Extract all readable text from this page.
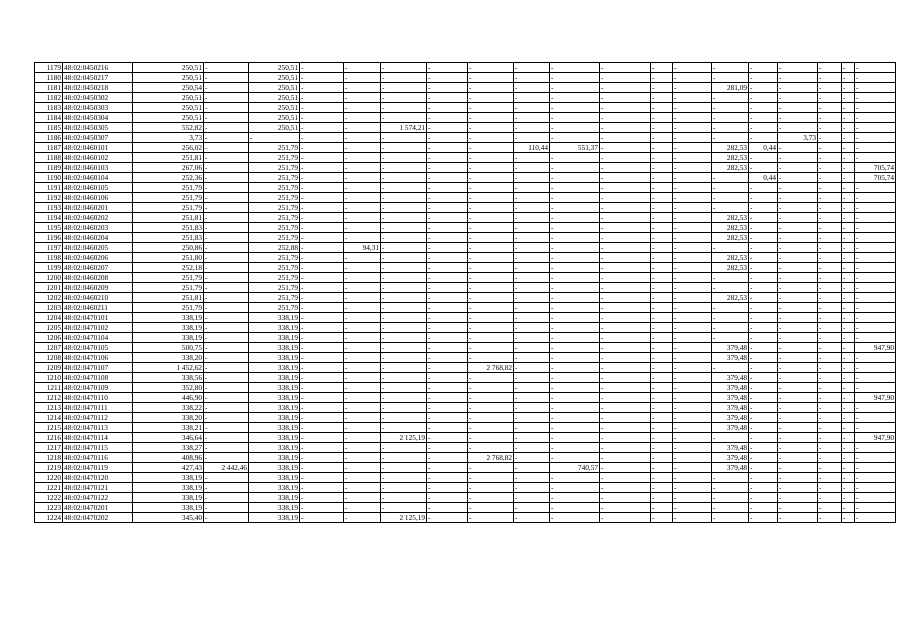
1179	48:02:0450216	250,51	-	250,51	-	-	-	-	-	-	-	-	-	-	-	-	-	-	-	-
1180	48:02:0450217	250,51	-	250,51	-	-	-	-	-	-	-	-	-	-	-	-	-	-	-	-
1181	48:02:0450218	250,54	-	250,51	-	-	-	-	-	-	-	-	-	-	281,09	-	-	-	-	-
1182	48:02:0450302	250,51	-	250,51	-	-	-	-	-	-	-	-	-	-	-	-	-	-	-	-
1183	48:02:0450303	250,51	-	250,51	-	-	-	-	-	-	-	-	-	-	-	-	-	-	-	-
1184	48:02:0450304	250,51	-	250,51	-	-	-	-	-	-	-	-	-	-	-	-	-	-	-	-
1185	48:02:0450305	552,82	-	250,51	-	-	1 574,21	-	-	-	-	-	-	-	-	-	-	-	-	-
1186	48:02:0450307	3,73	-	-	-	-	-	-	-	-	-	-	-	-	-	-	3,73	-	-	-
1187	48:02:0460101	256,02	-	251,79	-	-	-	-	-	110,44	551,37	-	-	-	282,53	0,44	-	-	-	-
1188	48:02:0460102	251,81	-	251,79	-	-	-	-	-	-	-	-	-	-	282,53	-	-	-	-	-
1189	48:02:0460103	267,06	-	251,79	-	-	-	-	-	-	-	-	-	-	282,53	-	-	-	-	705,74
1190	48:02:0460104	252,36	-	251,79	-	-	-	-	-	-	-	-	-	-	-	0,44	-	-	-	705,74
1191	48:02:0460105	251,79	-	251,79	-	-	-	-	-	-	-	-	-	-	-	-	-	-	-	-
1192	48:02:0460106	251,79	-	251,79	-	-	-	-	-	-	-	-	-	-	-	-	-	-	-	-
1193	48:02:0460201	251,79	-	251,79	-	-	-	-	-	-	-	-	-	-	-	-	-	-	-	-
1194	48:02:0460202	251,81	-	251,79	-	-	-	-	-	-	-	-	-	-	282,53	-	-	-	-	-
1195	48:02:0460203	251,83	-	251,79	-	-	-	-	-	-	-	-	-	-	282,53	-	-	-	-	-
1196	48:02:0460204	251,83	-	251,79	-	-	-	-	-	-	-	-	-	-	282,53	-	-	-	-	-
1197	48:02:0460205	250,86	-	252,88	-	94,31	-	-	-	-	-	-	-	-	-	-	-	-	-	-
1198	48:02:0460206	251,80	-	251,79	-	-	-	-	-	-	-	-	-	-	282,53	-	-	-	-	-
1199	48:02:0460207	252,18	-	251,79	-	-	-	-	-	-	-	-	-	-	282,53	-	-	-	-	-
1200	48:02:0460208	251,79	-	251,79	-	-	-	-	-	-	-	-	-	-	-	-	-	-	-	-
1201	48:02:0460209	251,79	-	251,79	-	-	-	-	-	-	-	-	-	-	-	-	-	-	-	-
1202	48:02:0460210	251,81	-	251,79	-	-	-	-	-	-	-	-	-	-	282,53	-	-	-	-	-
1203	48:02:0460211	251,79	-	251,79	-	-	-	-	-	-	-	-	-	-	-	-	-	-	-	-
1204	48:02:0470101	338,19	-	338,19	-	-	-	-	-	-	-	-	-	-	-	-	-	-	-	-
1205	48:02:0470102	338,19	-	338,19	-	-	-	-	-	-	-	-	-	-	-	-	-	-	-	-
1206	48:02:0470104	338,19	-	338,19	-	-	-	-	-	-	-	-	-	-	-	-	-	-	-	-
1207	48:02:0470105	500,75	-	338,19	-	-	-	-	-	-	-	-	-	-	379,48	-	-	-	-	947,90
1208	48:02:0470106	338,20	-	338,19	-	-	-	-	-	-	-	-	-	-	379,48	-	-	-	-	-
1209	48:02:0470107	1 452,62	-	338,19	-	-	-	-	2 768,82	-	-	-	-	-	-	-	-	-	-	-
1210	48:02:0470108	338,56	-	338,19	-	-	-	-	-	-	-	-	-	-	379,48	-	-	-	-	-
1211	48:02:0470109	352,80	-	338,19	-	-	-	-	-	-	-	-	-	-	379,48	-	-	-	-	-
1212	48:02:0470110	446,90	-	338,19	-	-	-	-	-	-	-	-	-	-	379,48	-	-	-	-	947,90
1213	48:02:0470111	338,22	-	338,19	-	-	-	-	-	-	-	-	-	-	379,48	-	-	-	-	-
1214	48:02:0470112	338,20	-	338,19	-	-	-	-	-	-	-	-	-	-	379,48	-	-	-	-	-
1215	48:02:0470113	338,21	-	338,19	-	-	-	-	-	-	-	-	-	-	379,48	-	-	-	-	-
1216	48:02:0470114	346,64	-	338,19	-	-	2 125,19	-	-	-	-	-	-	-	-	-	-	-	-	947,90
1217	48:02:0470115	338,27	-	338,19	-	-	-	-	-	-	-	-	-	-	379,48	-	-	-	-	-
1218	48:02:0470116	408,96	-	338,19	-	-	-	-	2 768,82	-	-	-	-	-	379,48	-	-	-	-	-
1219	48:02:0470119	427,43	2 442,46	338,19	-	-	-	-	-	-	740,57	-	-	-	379,48	-	-	-	-	-
1220	48:02:0470120	338,19	-	338,19	-	-	-	-	-	-	-	-	-	-	-	-	-	-	-	-
1221	48:02:0470121	338,19	-	338,19	-	-	-	-	-	-	-	-	-	-	-	-	-	-	-	-
1222	48:02:0470122	338,19	-	338,19	-	-	-	-	-	-	-	-	-	-	-	-	-	-	-	-
1223	48:02:0470201	338,19	-	338,19	-	-	-	-	-	-	-	-	-	-	-	-	-	-	-	-
1224	48:02:0470202	345,40	-	338,19	-	-	2 125,19	-	-	-	-	-	-	-	-	-	-	-	-	-
